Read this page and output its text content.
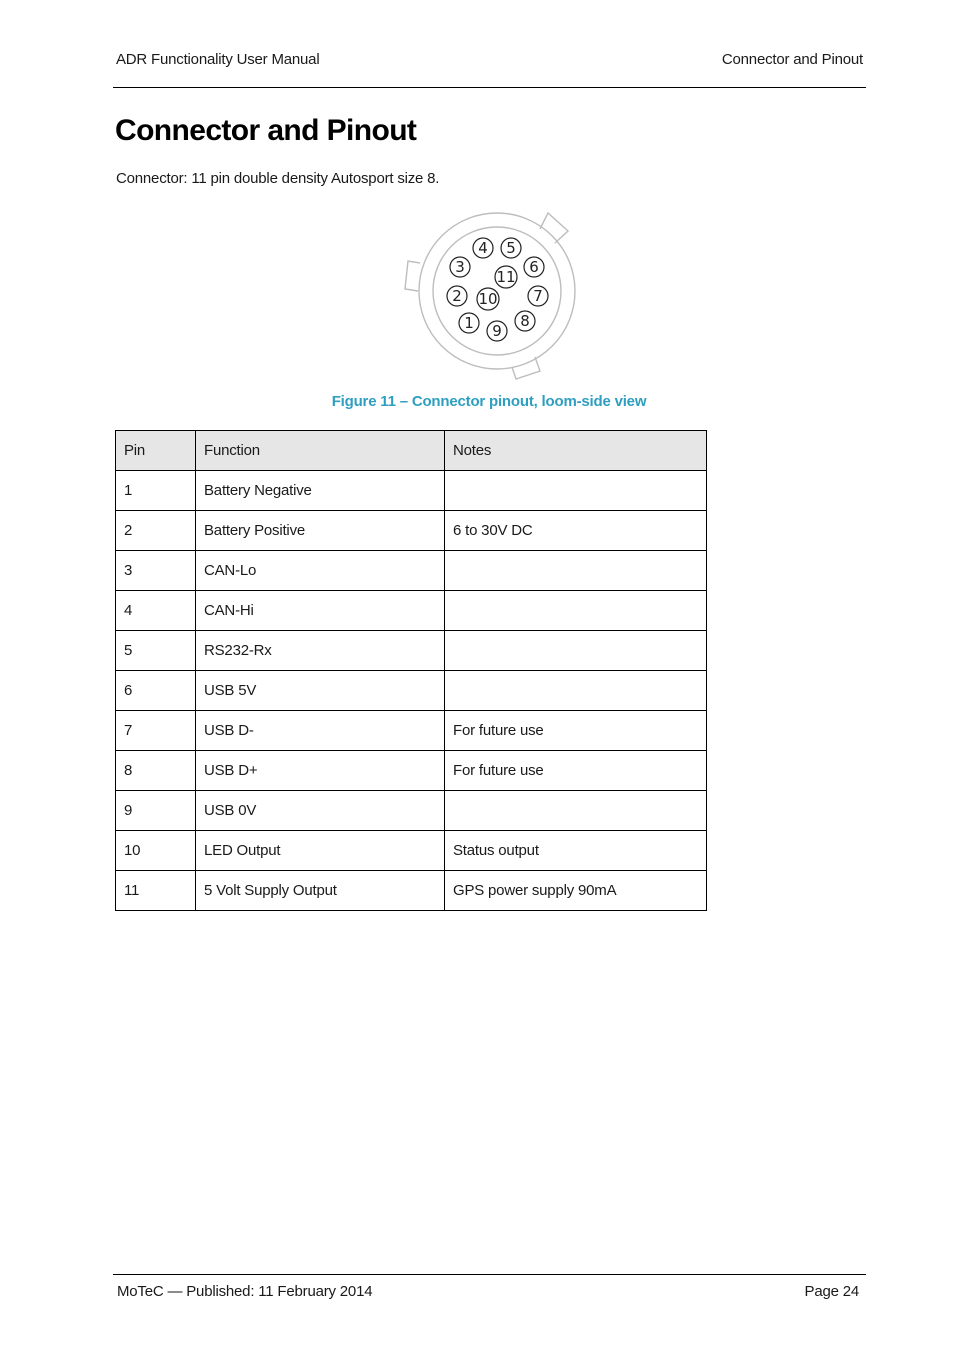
ADR Functionality User Manual	Connector and Pinout
Connector and Pinout
Connector: 11 pin double density Autosport size 8.
1
2
3
4 5
6
7
8
9
10
11
Figure 11 – Connector pinout, loom-side view
Pin	Function	Notes
1	Battery Negative	
2	Battery Positive	6 to 30V DC
3	CAN-Lo	
4	CAN-Hi	
5	RS232-Rx	
6	USB 5V	
7	USB D-	For future use
8	USB D+	For future use
9	USB 0V	
10	LED Output	Status output
11	5 Volt Supply Output	GPS power supply 90mA
MoTeC — Published: 11 February 2014	Page 24
